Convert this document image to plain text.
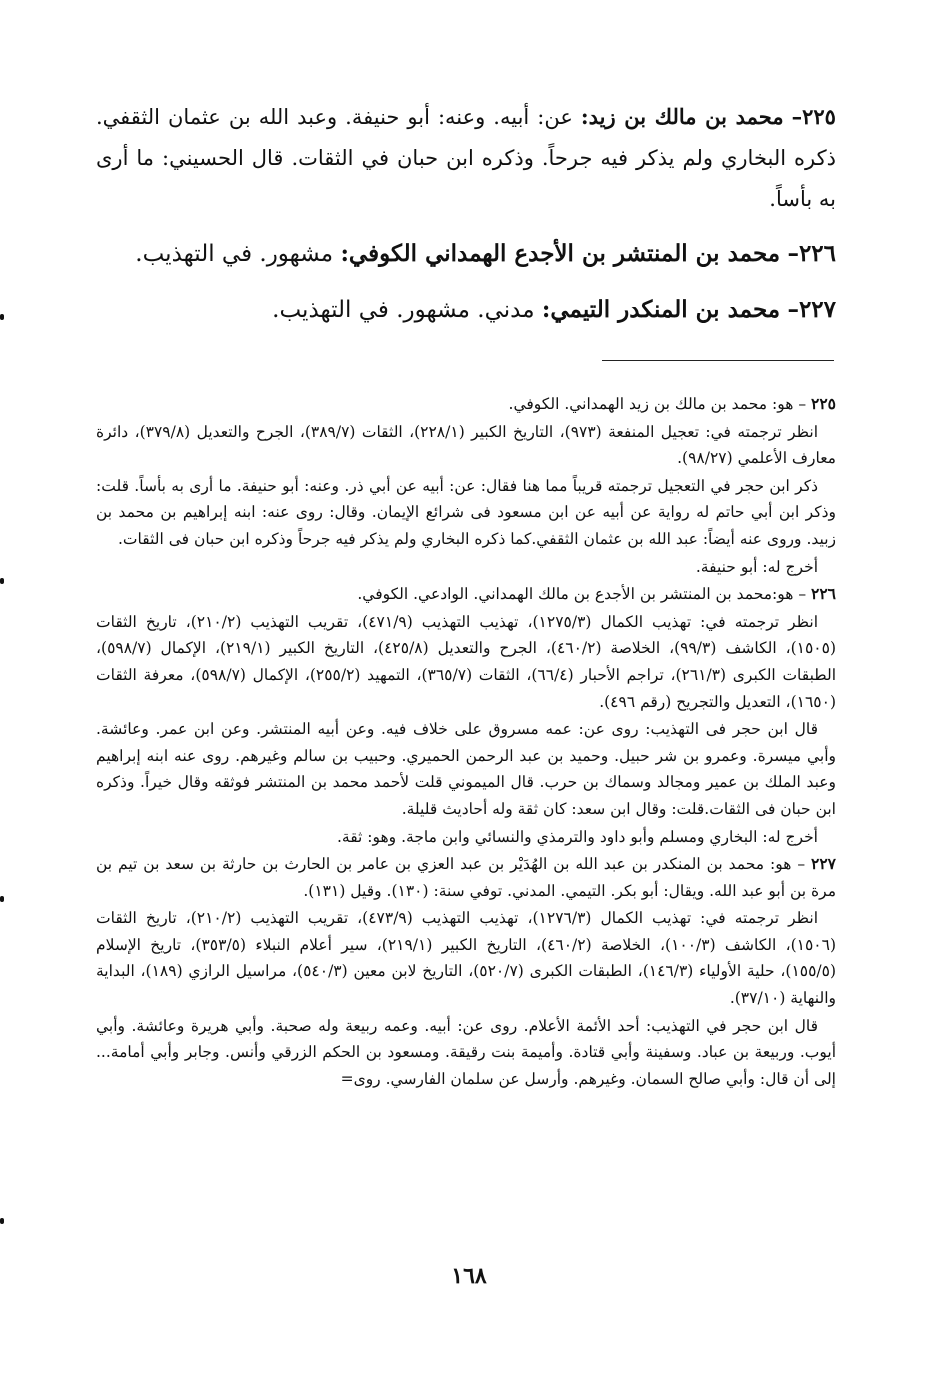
٢٢٥– محمد بن مالك بن زيد: عن: أبيه. وعنه: أبو حنيفة. وعبد الله بن عثمان الثقفي. ذكره البخاري ولم يذكر فيه جرحاً. وذكره ابن حبان في الثقات. قال الحسيني: ما أرى به بأساً.

٢٢٦– محمد بن المنتشر بن الأجدع الهمداني الكوفي: مشهور. في التهذيب.

٢٢٧– محمد بن المنكدر التيمي: مدني. مشهور. في التهذيب.

٢٢٥ – هو: محمد بن مالك بن زيد الهمداني. الكوفي.

انظر ترجمته في: تعجيل المنفعة (٩٧٣)، التاريخ الكبير (٢٢٨/١)، الثقات (٣٨٩/٧)، الجرح والتعديل (٣٧٩/٨)، دائرة معارف الأعلمي (٩٨/٢٧).

ذكر ابن حجر في التعجيل ترجمته قريباً مما هنا فقال: عن: أبيه عن أبي ذر. وعنه: أبو حنيفة. ما أرى به بأساً. قلت: وذكر ابن أبي حاتم له رواية عن أبيه عن ابن مسعود فى شرائع الإيمان. وقال: روى عنه: ابنه إبراهيم بن محمد بن زبيد. وروى عنه أيضاً: عبد الله بن عثمان الثقفي.كما ذكره البخاري ولم يذكر فيه جرحاً وذكره ابن حبان فى الثقات.

أخرج له: أبو حنيفة.

٢٢٦ – هو:محمد بن المنتشر بن الأجدع بن مالك الهمداني. الوادعي. الكوفي.

انظر ترجمته في: تهذيب الكمال (١٢٧٥/٣)، تهذيب التهذيب (٤٧١/٩)، تقريب التهذيب (٢١٠/٢)، تاريخ الثقات (١٥٠٥)، الكاشف (٩٩/٣)، الخلاصة (٤٦٠/٢)، الجرح والتعديل (٤٢٥/٨)، التاريخ الكبير (٢١٩/١)، الإكمال (٥٩٨/٧)، الطبقات الكبرى (٢٦١/٣)، تراجم الأحبار (٦٦/٤)، الثقات (٣٦٥/٧)، التمهيد (٢٥٥/٢)، الإكمال (٥٩٨/٧)، معرفة الثقات (١٦٥٠)، التعديل والتجريح (رقم ٤٩٦).

قال ابن حجر فى التهذيب: روى عن: عمه مسروق على خلاف فيه. وعن أبيه المنتشر. وعن ابن عمر. وعائشة. وأبي ميسرة. وعمرو بن شر حبيل. وحميد بن عبد الرحمن الحميري. وحبيب بن سالم وغيرهم. روى عنه ابنه إبراهيم وعبد الملك بن عمير ومجالد وسماك بن حرب. قال الميموني قلت لأحمد محمد بن المنتشر فوثقه وقال خيراً. وذكره ابن حبان فى الثقات.قلت: وقال ابن سعد: كان ثقة وله أحاديث قليلة.

أخرج له: البخاري ومسلم وأبو داود والترمذي والنسائي وابن ماجة. وهو: ثقة.

٢٢٧ – هو: محمد بن المنكدر بن عبد الله بن الهُدَيْر بن عبد العزي بن عامر بن الحارث بن حارثة بن سعد بن تيم بن مرة بن أبو عبد الله. ويقال: أبو بكر. التيمي. المدني. توفي سنة: (١٣٠). وقيل (١٣١).

انظر ترجمته في: تهذيب الكمال (١٢٧٦/٣)، تهذيب التهذيب (٤٧٣/٩)، تقريب التهذيب (٢١٠/٢)، تاريخ الثقات (١٥٠٦)، الكاشف (١٠٠/٣)، الخلاصة (٤٦٠/٢)، التاريخ الكبير (٢١٩/١)، سير أعلام النبلاء (٣٥٣/٥)، تاريخ الإسلام (١٥٥/٥)، حلية الأولياء (١٤٦/٣)، الطبقات الكبرى (٥٢٠/٧)، التاريخ لابن معين (٥٤٠/٣)، مراسيل الرازي (١٨٩)، البداية والنهاية (٣٧/١٠).

قال ابن حجر في التهذيب: أحد الأئمة الأعلام. روى عن: أبيه. وعمه ربيعة وله صحبة. وأبي هريرة وعائشة. وأبي أيوب. وربيعة بن عباد. وسفينة وأبي قتادة. وأميمة بنت رقيقة. ومسعود بن الحكم الزرقي وأنس. وجابر وأبي أمامة... إلى أن قال: وأبي صالح السمان. وغيرهم. وأرسل عن سلمان الفارسي. روى=

١٦٨
